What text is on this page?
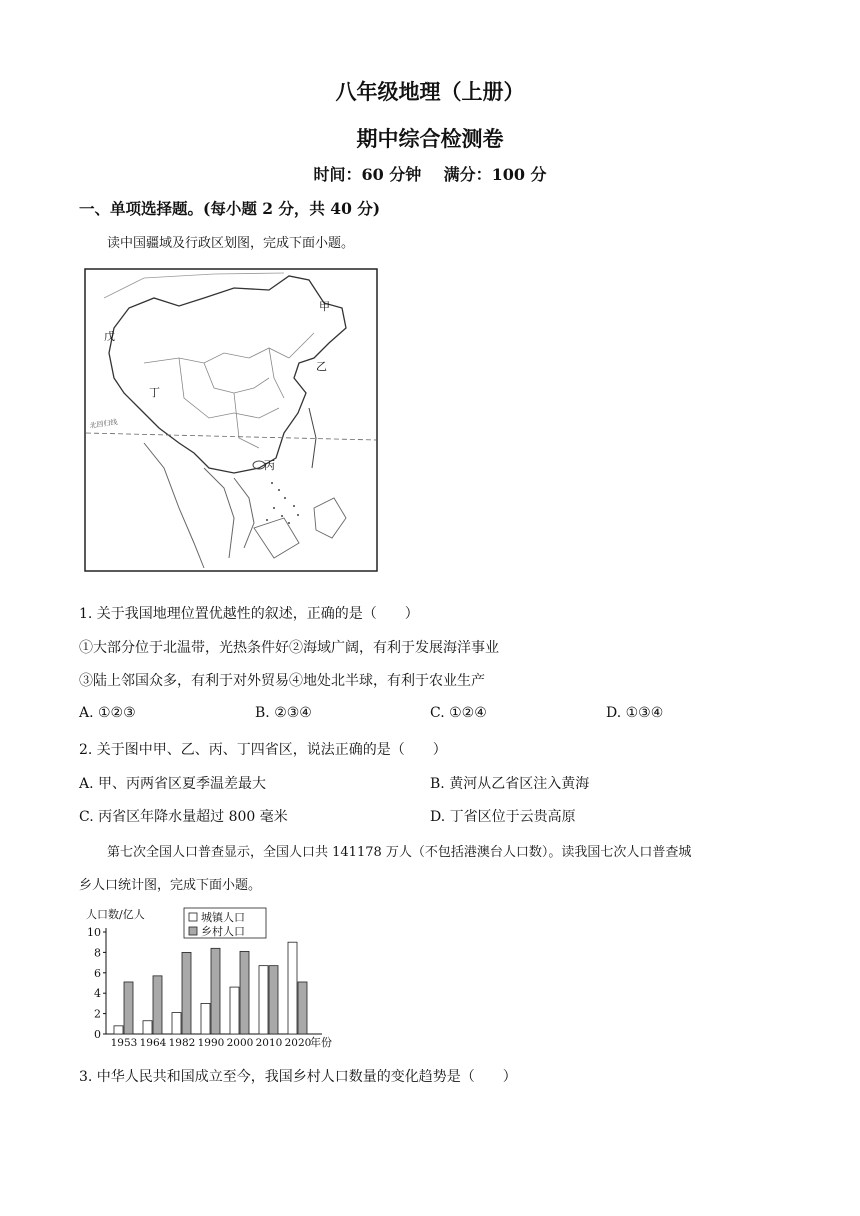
八年级地理（上册）
期中综合检测卷
时间：60 分钟    满分：100 分
一、单项选择题。(每小题 2 分，共 40 分)
读中国疆域及行政区划图，完成下面小题。
北回归线
甲
乙
丙
丁
戊
1. 关于我国地理位置优越性的叙述，正确的是（　　）
①大部分位于北温带，光热条件好②海域广阔，有利于发展海洋事业
③陆上邻国众多，有利于对外贸易④地处北半球，有利于农业生产
A. ①②③	B. ②③④	C. ①②④	D. ①③④
2. 关于图中甲、乙、丙、丁四省区，说法正确的是（　　）
A. 甲、丙两省区夏季温差最大	B. 黄河从乙省区注入黄海
C. 丙省区年降水量超过 800 毫米	D. 丁省区位于云贵高原
第七次全国人口普查显示，全国人口共 141178 万人（不包括港澳台人口数）。读我国七次人口普查城
乡人口统计图，完成下面小题。
人口数/亿人	城镇人口
乡村人口
0
2
4
6
8
10
1953 1964 1982 1990 2000 2010 2020
年份
3. 中华人民共和国成立至今，我国乡村人口数量的变化趋势是（　　）
